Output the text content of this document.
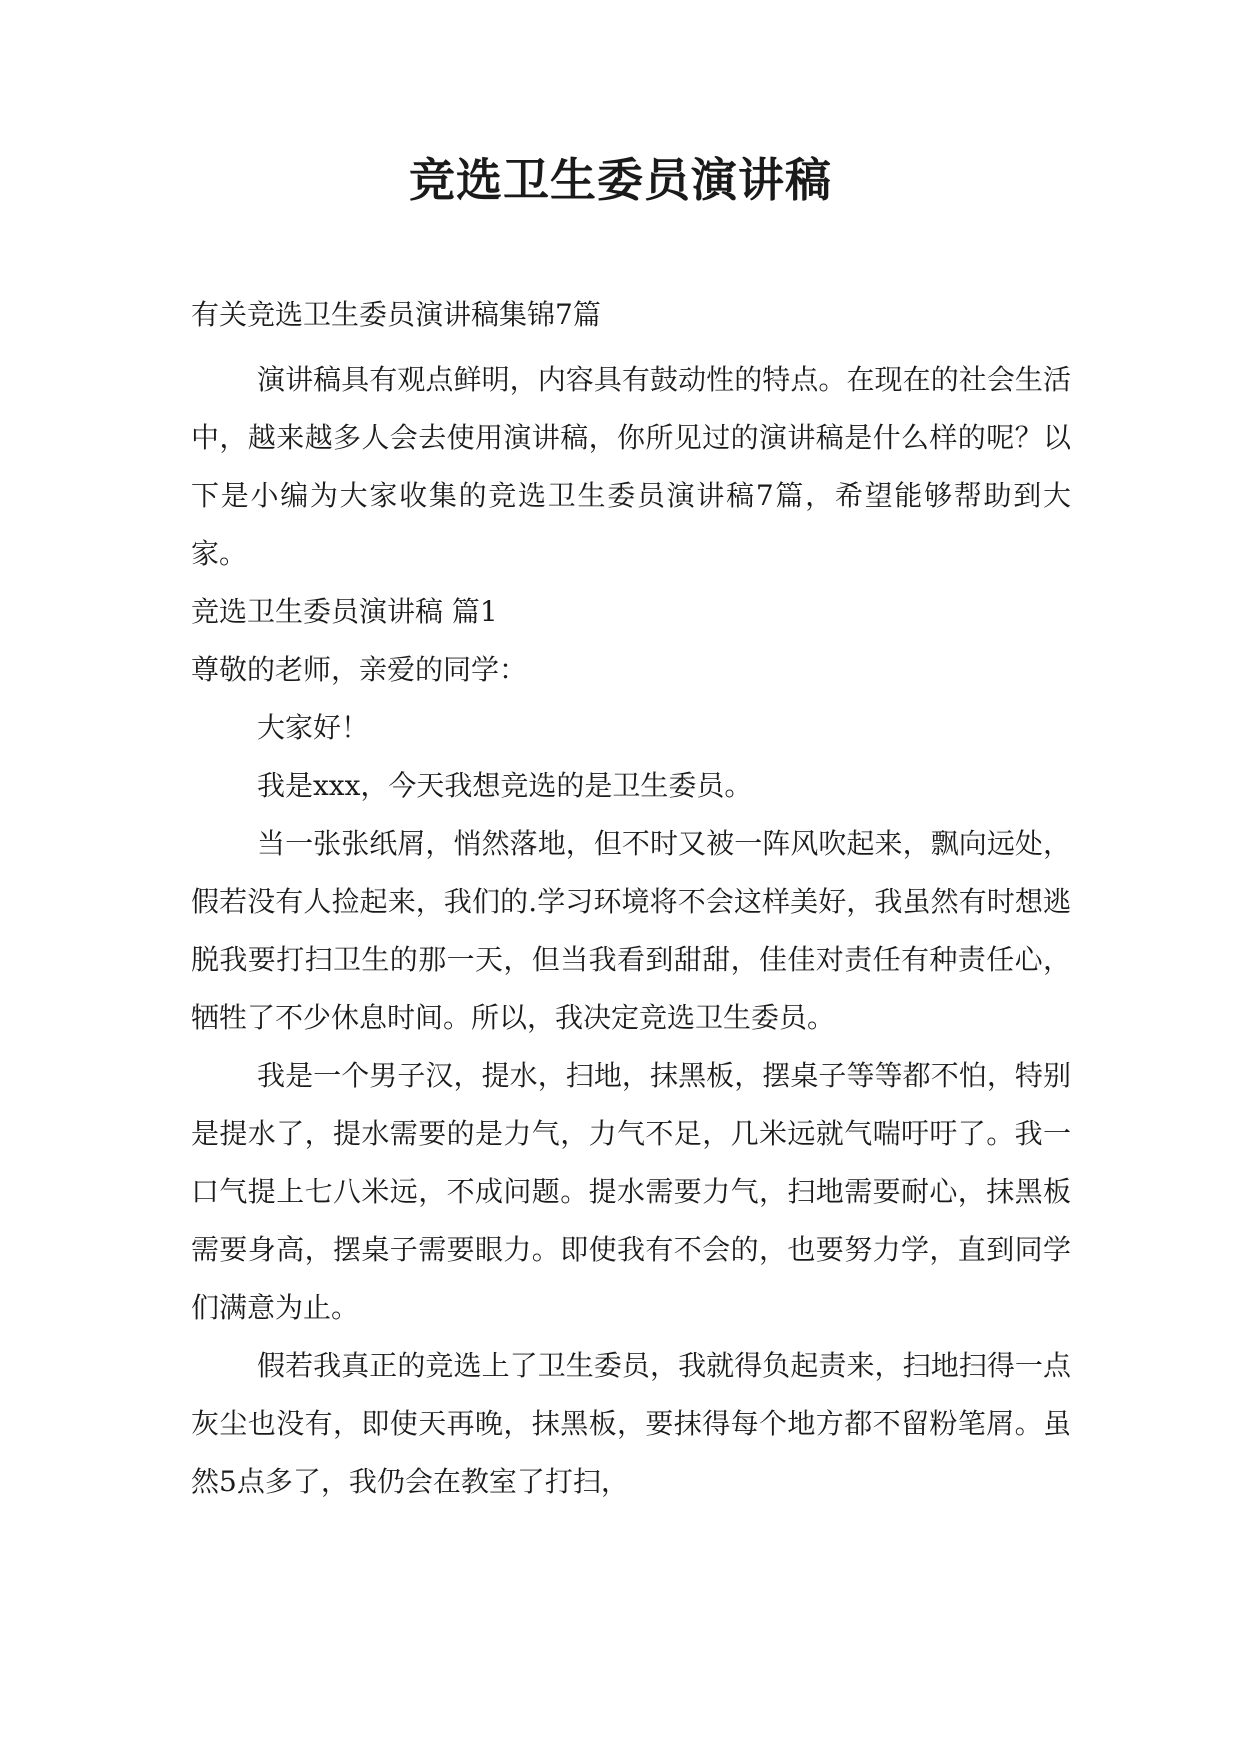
竞选卫生委员演讲稿

有关竞选卫生委员演讲稿集锦7篇

演讲稿具有观点鲜明，内容具有鼓动性的特点。在现在的社会生活中，越来越多人会去使用演讲稿，你所见过的演讲稿是什么样的呢？以下是小编为大家收集的竞选卫生委员演讲稿7篇，希望能够帮助到大家。

竞选卫生委员演讲稿 篇1

尊敬的老师，亲爱的同学：

大家好！

我是xxx，今天我想竞选的是卫生委员。

当一张张纸屑，悄然落地，但不时又被一阵风吹起来，飘向远处，假若没有人捡起来，我们的.学习环境将不会这样美好，我虽然有时想逃脱我要打扫卫生的那一天，但当我看到甜甜，佳佳对责任有种责任心，牺牲了不少休息时间。所以，我决定竞选卫生委员。

我是一个男子汉，提水，扫地，抹黑板，摆桌子等等都不怕，特别是提水了，提水需要的是力气，力气不足，几米远就气喘吁吁了。我一口气提上七八米远，不成问题。提水需要力气，扫地需要耐心，抹黑板需要身高，摆桌子需要眼力。即使我有不会的，也要努力学，直到同学们满意为止。

假若我真正的竞选上了卫生委员，我就得负起责来，扫地扫得一点灰尘也没有，即使天再晚，抹黑板，要抹得每个地方都不留粉笔屑。虽然5点多了，我仍会在教室了打扫，
